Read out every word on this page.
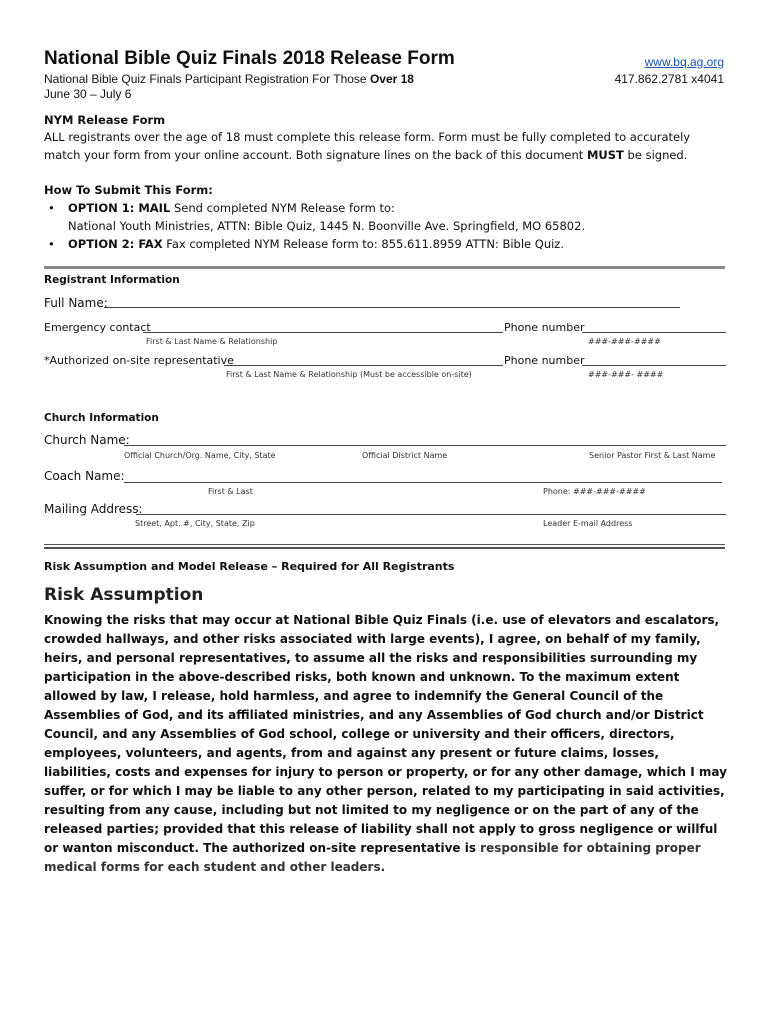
National Bible Quiz Finals 2018 Release Form	www.bq.ag.org
National Bible Quiz Finals Participant Registration For Those Over 18
June 30 – July 6
417.862.2781 x4041
NYM Release Form
ALL registrants over the age of 18 must complete this release form. Form must be fully completed to accurately match your form from your online account. Both signature lines on the back of this document MUST be signed.
How To Submit This Form:
• OPTION 1: MAIL Send completed NYM Release form to:
National Youth Ministries, ATTN: Bible Quiz, 1445 N. Boonville Ave. Springfield, MO 65802.
• OPTION 2: FAX Fax completed NYM Release form to: 855.611.8959 ATTN: Bible Quiz.
Registrant Information
Full Name:
Emergency contact	Phone number
First & Last Name & Relationship	###-###-####
*Authorized on-site representative	Phone number
First & Last Name & Relationship (Must be accessible on-site)	###-###- ####
Church Information
Church Name:
Official Church/Org. Name, City, State	Official District Name	Senior Pastor First & Last Name
Coach Name:
First & Last	Phone: ###-###-####
Mailing Address:
Street, Apt. #, City, State, Zip	Leader E-mail Address
Risk Assumption and Model Release – Required for All Registrants
Risk Assumption
Knowing the risks that may occur at National Bible Quiz Finals (i.e. use of elevators and escalators, crowded hallways, and other risks associated with large events), I agree, on behalf of my family, heirs, and personal representatives, to assume all the risks and responsibilities surrounding my participation in the above-described risks, both known and unknown. To the maximum extent allowed by law, I release, hold harmless, and agree to indemnify the General Council of the Assemblies of God, and its affiliated ministries, and any Assemblies of God church and/or District Council, and any Assemblies of God school, college or university and their officers, directors, employees, volunteers, and agents, from and against any present or future claims, losses, liabilities, costs and expenses for injury to person or property, or for any other damage, which I may suffer, or for which I may be liable to any other person, related to my participating in said activities, resulting from any cause, including but not limited to my negligence or on the part of any of the released parties; provided that this release of liability shall not apply to gross negligence or willful or wanton misconduct. The authorized on-site representative is responsible for obtaining proper medical forms for each student and other leaders.
